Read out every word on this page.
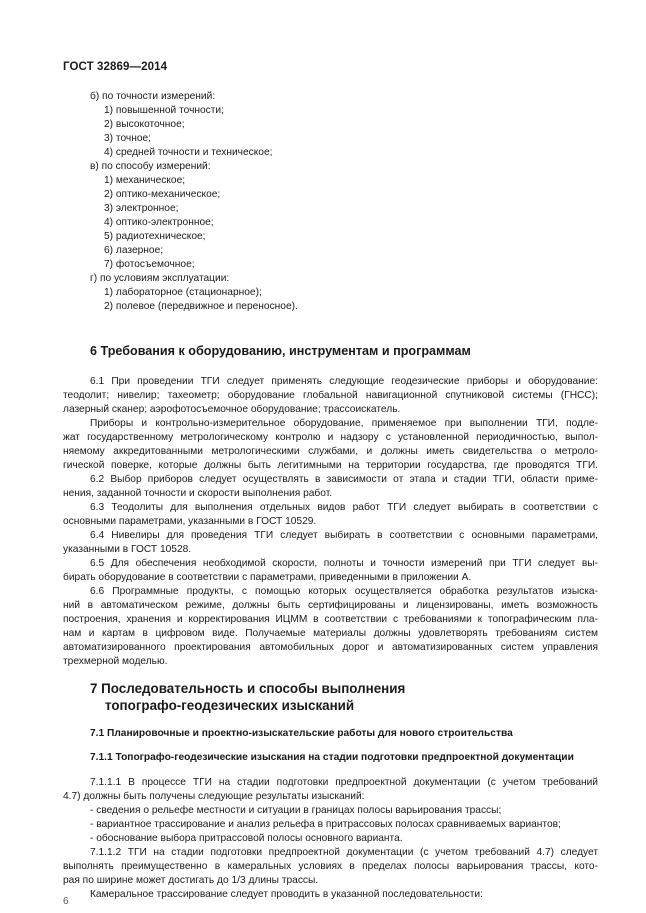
ГОСТ 32869—2014
б) по точности измерений:
1) повышенной точности;
2) высокоточное;
3) точное;
4) средней точности и техническое;
в) по способу измерений:
1) механическое;
2) оптико-механическое;
3) электронное;
4) оптико-электронное;
5) радиотехническое;
6) лазерное;
7) фотосъемочное;
г) по условиям эксплуатации:
1) лабораторное (стационарное);
2) полевое (передвижное и переносное).
6 Требования к оборудованию, инструментам и программам
6.1 При проведении ТГИ следует применять следующие геодезические приборы и оборудование:
теодолит; нивелир; тахеометр; оборудование глобальной навигационной спутниковой системы (ГНСС);
лазерный сканер; аэрофотосъемочное оборудование; трассоискатель.
Приборы и контрольно-измерительное оборудование, применяемое при выполнении ТГИ, подле-
жат государственному метрологическому контролю и надзору с установленной периодичностью, выпол-
няемому аккредитованными метрологическими службами, и должны иметь свидетельства о метроло-
гической поверке, которые должны быть легитимными на территории государства, где проводятся ТГИ.
6.2 Выбор приборов следует осуществлять в зависимости от этапа и стадии ТГИ, области приме-
нения, заданной точности и скорости выполнения работ.
6.3 Теодолиты для выполнения отдельных видов работ ТГИ следует выбирать в соответствии с
основными параметрами, указанными в ГОСТ 10529.
6.4 Нивелиры для проведения ТГИ следует выбирать в соответствии с основными параметрами,
указанными в ГОСТ 10528.
6.5 Для обеспечения необходимой скорости, полноты и точности измерений при ТГИ следует вы-
бирать оборудование в соответствии с параметрами, приведенными в приложении А.
6.6 Программные продукты, с помощью которых осуществляется обработка результатов изыска-
ний в автоматическом режиме, должны быть сертифицированы и лицензированы, иметь возможность
построения, хранения и корректирования ИЦММ в соответствии с требованиями к топографическим пла-
нам и картам в цифровом виде. Получаемые материалы должны удовлетворять требованиям систем
автоматизированного проектирования автомобильных дорог и автоматизированных систем управления
трехмерной моделью.
7 Последовательность и способы выполнения
топографо-геодезических изысканий
7.1 Планировочные и проектно-изыскательские работы для нового строительства
7.1.1 Топографо-геодезические изыскания на стадии подготовки предпроектной документации
7.1.1.1 В процессе ТГИ на стадии подготовки предпроектной документации (с учетом требований
4.7) должны быть получены следующие результаты изысканий:
- сведения о рельефе местности и ситуации в границах полосы варьирования трассы;
- вариантное трассирование и анализ рельефа в притрассовых полосах сравниваемых вариантов;
- обоснование выбора притрассовой полосы основного варианта.
7.1.1.2 ТГИ на стадии подготовки предпроектной документации (с учетом требований 4.7) следует
выполнять преимущественно в камеральных условиях в пределах полосы варьирования трассы, кото-
рая по ширине может достигать до 1/3 длины трассы.
Камеральное трассирование следует проводить в указанной последовательности:
6
